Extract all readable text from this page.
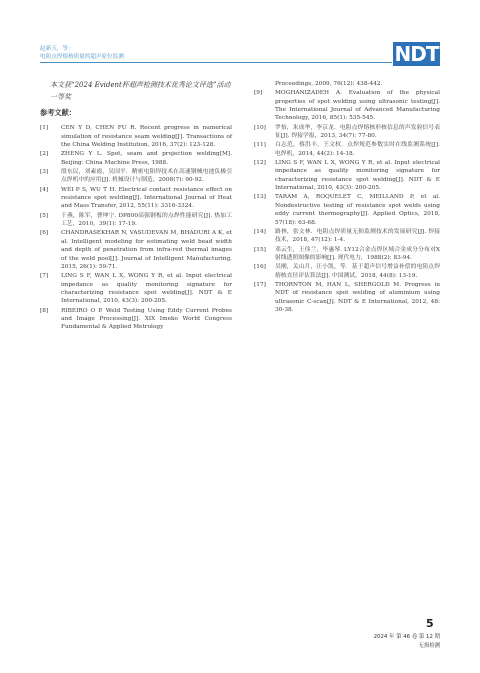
赵新玉，等：
电阻点焊熔核质量的超声原位监测	NDT
本文获“2024 Evident杯超声检测技术优秀论文评选”活动一等奖
参考文献：
[1]	CEN Y D, CHEN FU R. Recent progress in numerical simulation of resistance seam welding[J]. Transactions of the China Welding Institution, 2016, 37(2): 123-128.
[2]	ZHENG Y L. Spot, seam and projection welding[M]. Beijing: China Machine Press, 1988.
[3]	殷东民，刘素霞，吴国平．精密电阻焊技术在高速钢械电池负极引点焊机中的应用[J]. 机械设计与制造，2008(7): 90-92.
[4]	WEI P S, WU T H. Electrical contact resistance effect on resistance spot welding[J]. International Journal of Heat and Mass Transfer, 2012, 55(11): 3316-3324.
[5]	于燕，陈军，曹坤宁. DP800高强钢板的点焊性能研究[J]. 热加工工艺，2010，39(1): 17-19.
[6]	CHANDRASEKHAR N, VASUDEVAN M, BHADURI A K, et al. Intelligent modeling for estimating weld bead width and depth of penetration from infra-red thermal images of the weld pool[J]. Journal of Intelligent Manufacturing, 2015, 26(1): 59-71.
[7]	LING S F, WAN L X, WONG Y R, et al. Input electrical impedance as quality monitoring signature for characterizing resistance spot welding[J]. NDT & E International, 2010, 43(3): 200-205.
[8]	RIBEIRO O P. Weld Testing Using Eddy Current Probes and Image Processing[J]. XIX Imeko World Congress Fundamental & Applied Metrology
Proceedings, 2009, 76(12): 438-442.
[9]	MOGHANIZADEH A. Evaluation of the physical properties of spot welding using ultrasonic testing[J]. The International Journal of Advanced Manufacturing Technology, 2016, 85(1): 535-545.
[10]	罗怡，朱成华，李京龙．电阻点焊熔核形核信息的声发射信号表征[J]. 焊接学报，2013, 34(7): 77-80.
[11]	白志范，蔡洪丰，王文权．点焊规范参数实时在线监测系统[J]. 电焊机，2014, 44(2): 14-18.
[12]	LING S F, WAN L X, WONG Y R, et al. Input electrical impedance as quality monitoring signature for characterizing resistance spot welding[J]. NDT & E International, 2010, 43(3): 200-205.
[13]	TARAM A, ROQUELET C, MEILLAND P, et al. Nondestructive testing of resistance spot welds using eddy current thermography[J]. Applied Optics, 2018, 57(18): 63-68.
[14]	路林，张文林．电阻点焊质量无损监测技术的发展研究[J]. 焊接技术，2018, 47(12): 1-4.
[15]	邓云生，王伟兰，毕惠琴. LY12合金点焊区域合金成分分布对X射线透照图像的影响[J]. 现代电力，1988(2): 83-94.
[16]	吴刚，关山月，汪小凯，等．基于超声信号增益补偿的电阻点焊熔核直径评估算法[J]. 中国测试，2018, 44(8): 13-19.
[17]	THORNTON M, HAN L, SHERGOLD M. Progress in NDT of resistance spot welding of aluminium using ultrasonic C-scan[J]. NDT & E International, 2012, 48: 30-38.
5
2024 年 第 46 卷 第 12 期
无损检测
